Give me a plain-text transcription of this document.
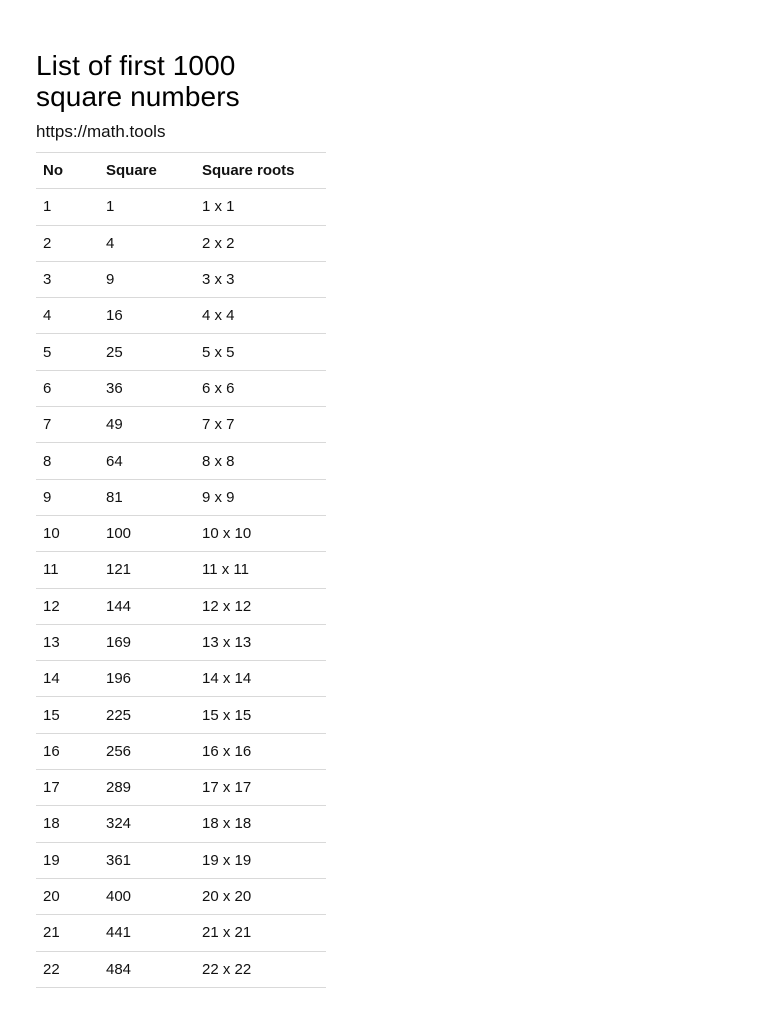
List of first 1000
square numbers
https://math.tools
No	Square	Square roots
1	1	1 x 1
2	4	2 x 2
3	9	3 x 3
4	16	4 x 4
5	25	5 x 5
6	36	6 x 6
7	49	7 x 7
8	64	8 x 8
9	81	9 x 9
10	100	10 x 10
11	121	11 x 11
12	144	12 x 12
13	169	13 x 13
14	196	14 x 14
15	225	15 x 15
16	256	16 x 16
17	289	17 x 17
18	324	18 x 18
19	361	19 x 19
20	400	20 x 20
21	441	21 x 21
22	484	22 x 22
